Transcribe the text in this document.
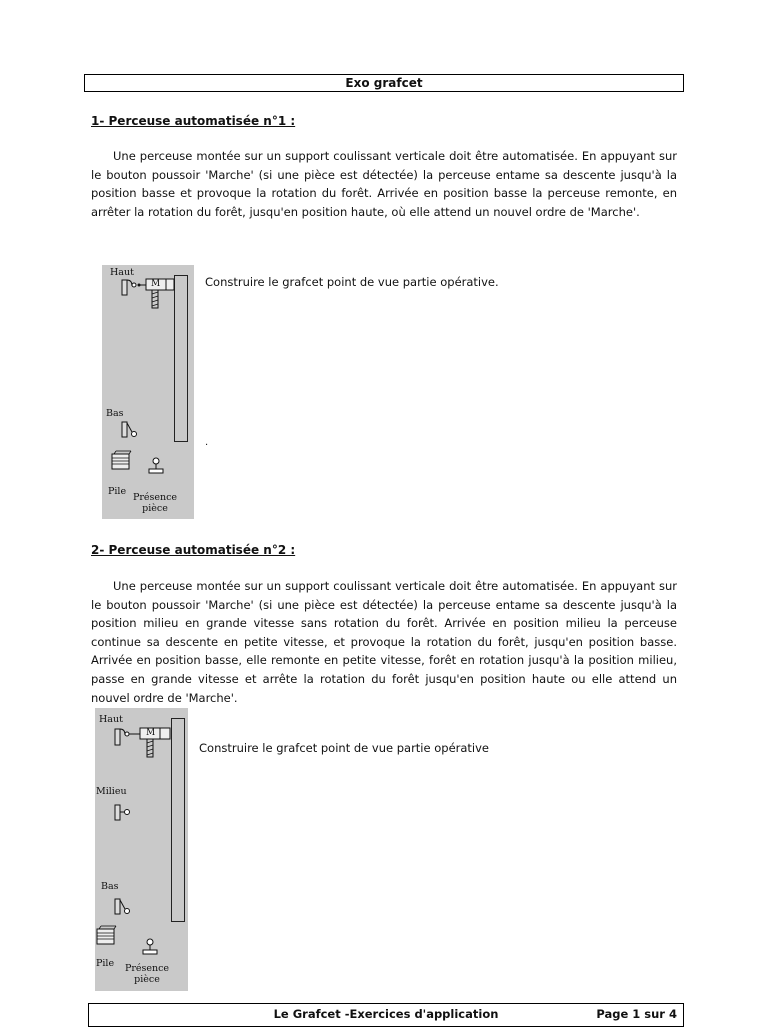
Exo grafcet
1- Perceuse automatisée n°1 :

Une perceuse montée sur un support coulissant verticale doit être automatisée. En appuyant sur le bouton poussoir 'Marche' (si une pièce est détectée) la perceuse entame sa descente jusqu'à la position basse et provoque la rotation du forêt. Arrivée en position basse la perceuse remonte, en arrêter la rotation du forêt, jusqu'en position haute, où elle attend un nouvel ordre de 'Marche'.

Haut
M
Bas
Pile
Présence
pièce
Construire le grafcet point de vue partie opérative.
.
2- Perceuse automatisée n°2 :

Une perceuse montée sur un support coulissant verticale doit être automatisée. En appuyant sur le bouton poussoir 'Marche' (si une pièce est détectée) la perceuse entame sa descente jusqu'à la position milieu en grande vitesse sans rotation du forêt. Arrivée en position milieu la perceuse continue sa descente en petite vitesse, et provoque la rotation du forêt, jusqu'en position basse. Arrivée en position basse, elle remonte en petite vitesse, forêt en rotation jusqu'à la position milieu, passe en grande vitesse et arrête la rotation du forêt jusqu'en position haute ou elle attend un nouvel ordre de 'Marche'.

Haut
M
Milieu
Bas
Pile	Présence
pièce
Construire le grafcet point de vue partie opérative
Le Grafcet -Exercices d'application	Page 1 sur 4
